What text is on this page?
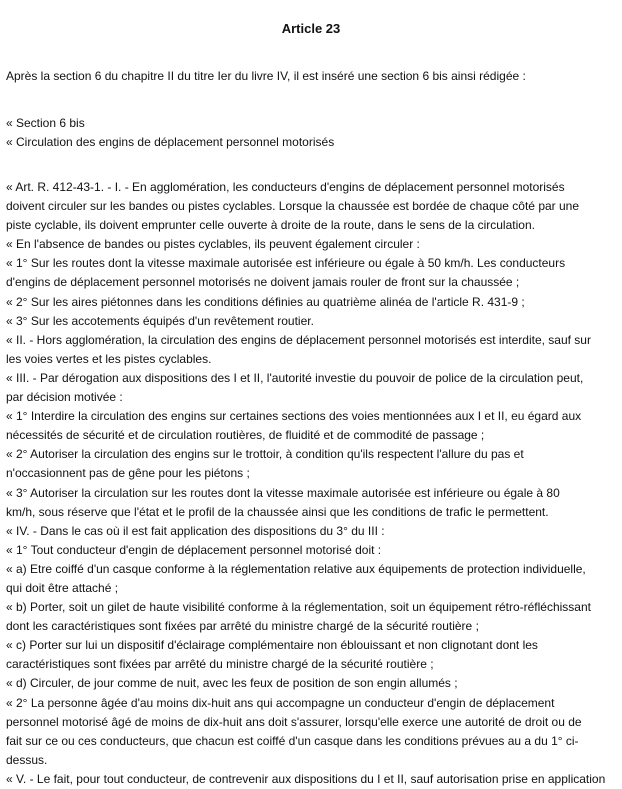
Article 23
Après la section 6 du chapitre II du titre Ier du livre IV, il est inséré une section 6 bis ainsi rédigée :
« Section 6 bis
« Circulation des engins de déplacement personnel motorisés
« Art. R. 412-43-1. - I. - En agglomération, les conducteurs d'engins de déplacement personnel motorisés
doivent circuler sur les bandes ou pistes cyclables. Lorsque la chaussée est bordée de chaque côté par une
piste cyclable, ils doivent emprunter celle ouverte à droite de la route, dans le sens de la circulation.
« En l'absence de bandes ou pistes cyclables, ils peuvent également circuler :
« 1° Sur les routes dont la vitesse maximale autorisée est inférieure ou égale à 50 km/h. Les conducteurs
d'engins de déplacement personnel motorisés ne doivent jamais rouler de front sur la chaussée ;
« 2° Sur les aires piétonnes dans les conditions définies au quatrième alinéa de l'article R. 431-9 ;
« 3° Sur les accotements équipés d'un revêtement routier.
« II. - Hors agglomération, la circulation des engins de déplacement personnel motorisés est interdite, sauf sur
les voies vertes et les pistes cyclables.
« III. - Par dérogation aux dispositions des I et II, l'autorité investie du pouvoir de police de la circulation peut,
par décision motivée :
« 1° Interdire la circulation des engins sur certaines sections des voies mentionnées aux I et II, eu égard aux
nécessités de sécurité et de circulation routières, de fluidité et de commodité de passage ;
« 2° Autoriser la circulation des engins sur le trottoir, à condition qu'ils respectent l'allure du pas et
n'occasionnent pas de gêne pour les piétons ;
« 3° Autoriser la circulation sur les routes dont la vitesse maximale autorisée est inférieure ou égale à 80
km/h, sous réserve que l'état et le profil de la chaussée ainsi que les conditions de trafic le permettent.
« IV. - Dans le cas où il est fait application des dispositions du 3° du III :
« 1° Tout conducteur d'engin de déplacement personnel motorisé doit :
« a) Etre coiffé d'un casque conforme à la réglementation relative aux équipements de protection individuelle,
qui doit être attaché ;
« b) Porter, soit un gilet de haute visibilité conforme à la réglementation, soit un équipement rétro-réfléchissant
dont les caractéristiques sont fixées par arrêté du ministre chargé de la sécurité routière ;
« c) Porter sur lui un dispositif d'éclairage complémentaire non éblouissant et non clignotant dont les
caractéristiques sont fixées par arrêté du ministre chargé de la sécurité routière ;
« d) Circuler, de jour comme de nuit, avec les feux de position de son engin allumés ;
« 2° La personne âgée d'au moins dix-huit ans qui accompagne un conducteur d'engin de déplacement
personnel motorisé âgé de moins de dix-huit ans doit s'assurer, lorsqu'elle exerce une autorité de droit ou de
fait sur ce ou ces conducteurs, que chacun est coiffé d'un casque dans les conditions prévues au a du 1° ci-
dessus.
« V. - Le fait, pour tout conducteur, de contrevenir aux dispositions du I et II, sauf autorisation prise en application
